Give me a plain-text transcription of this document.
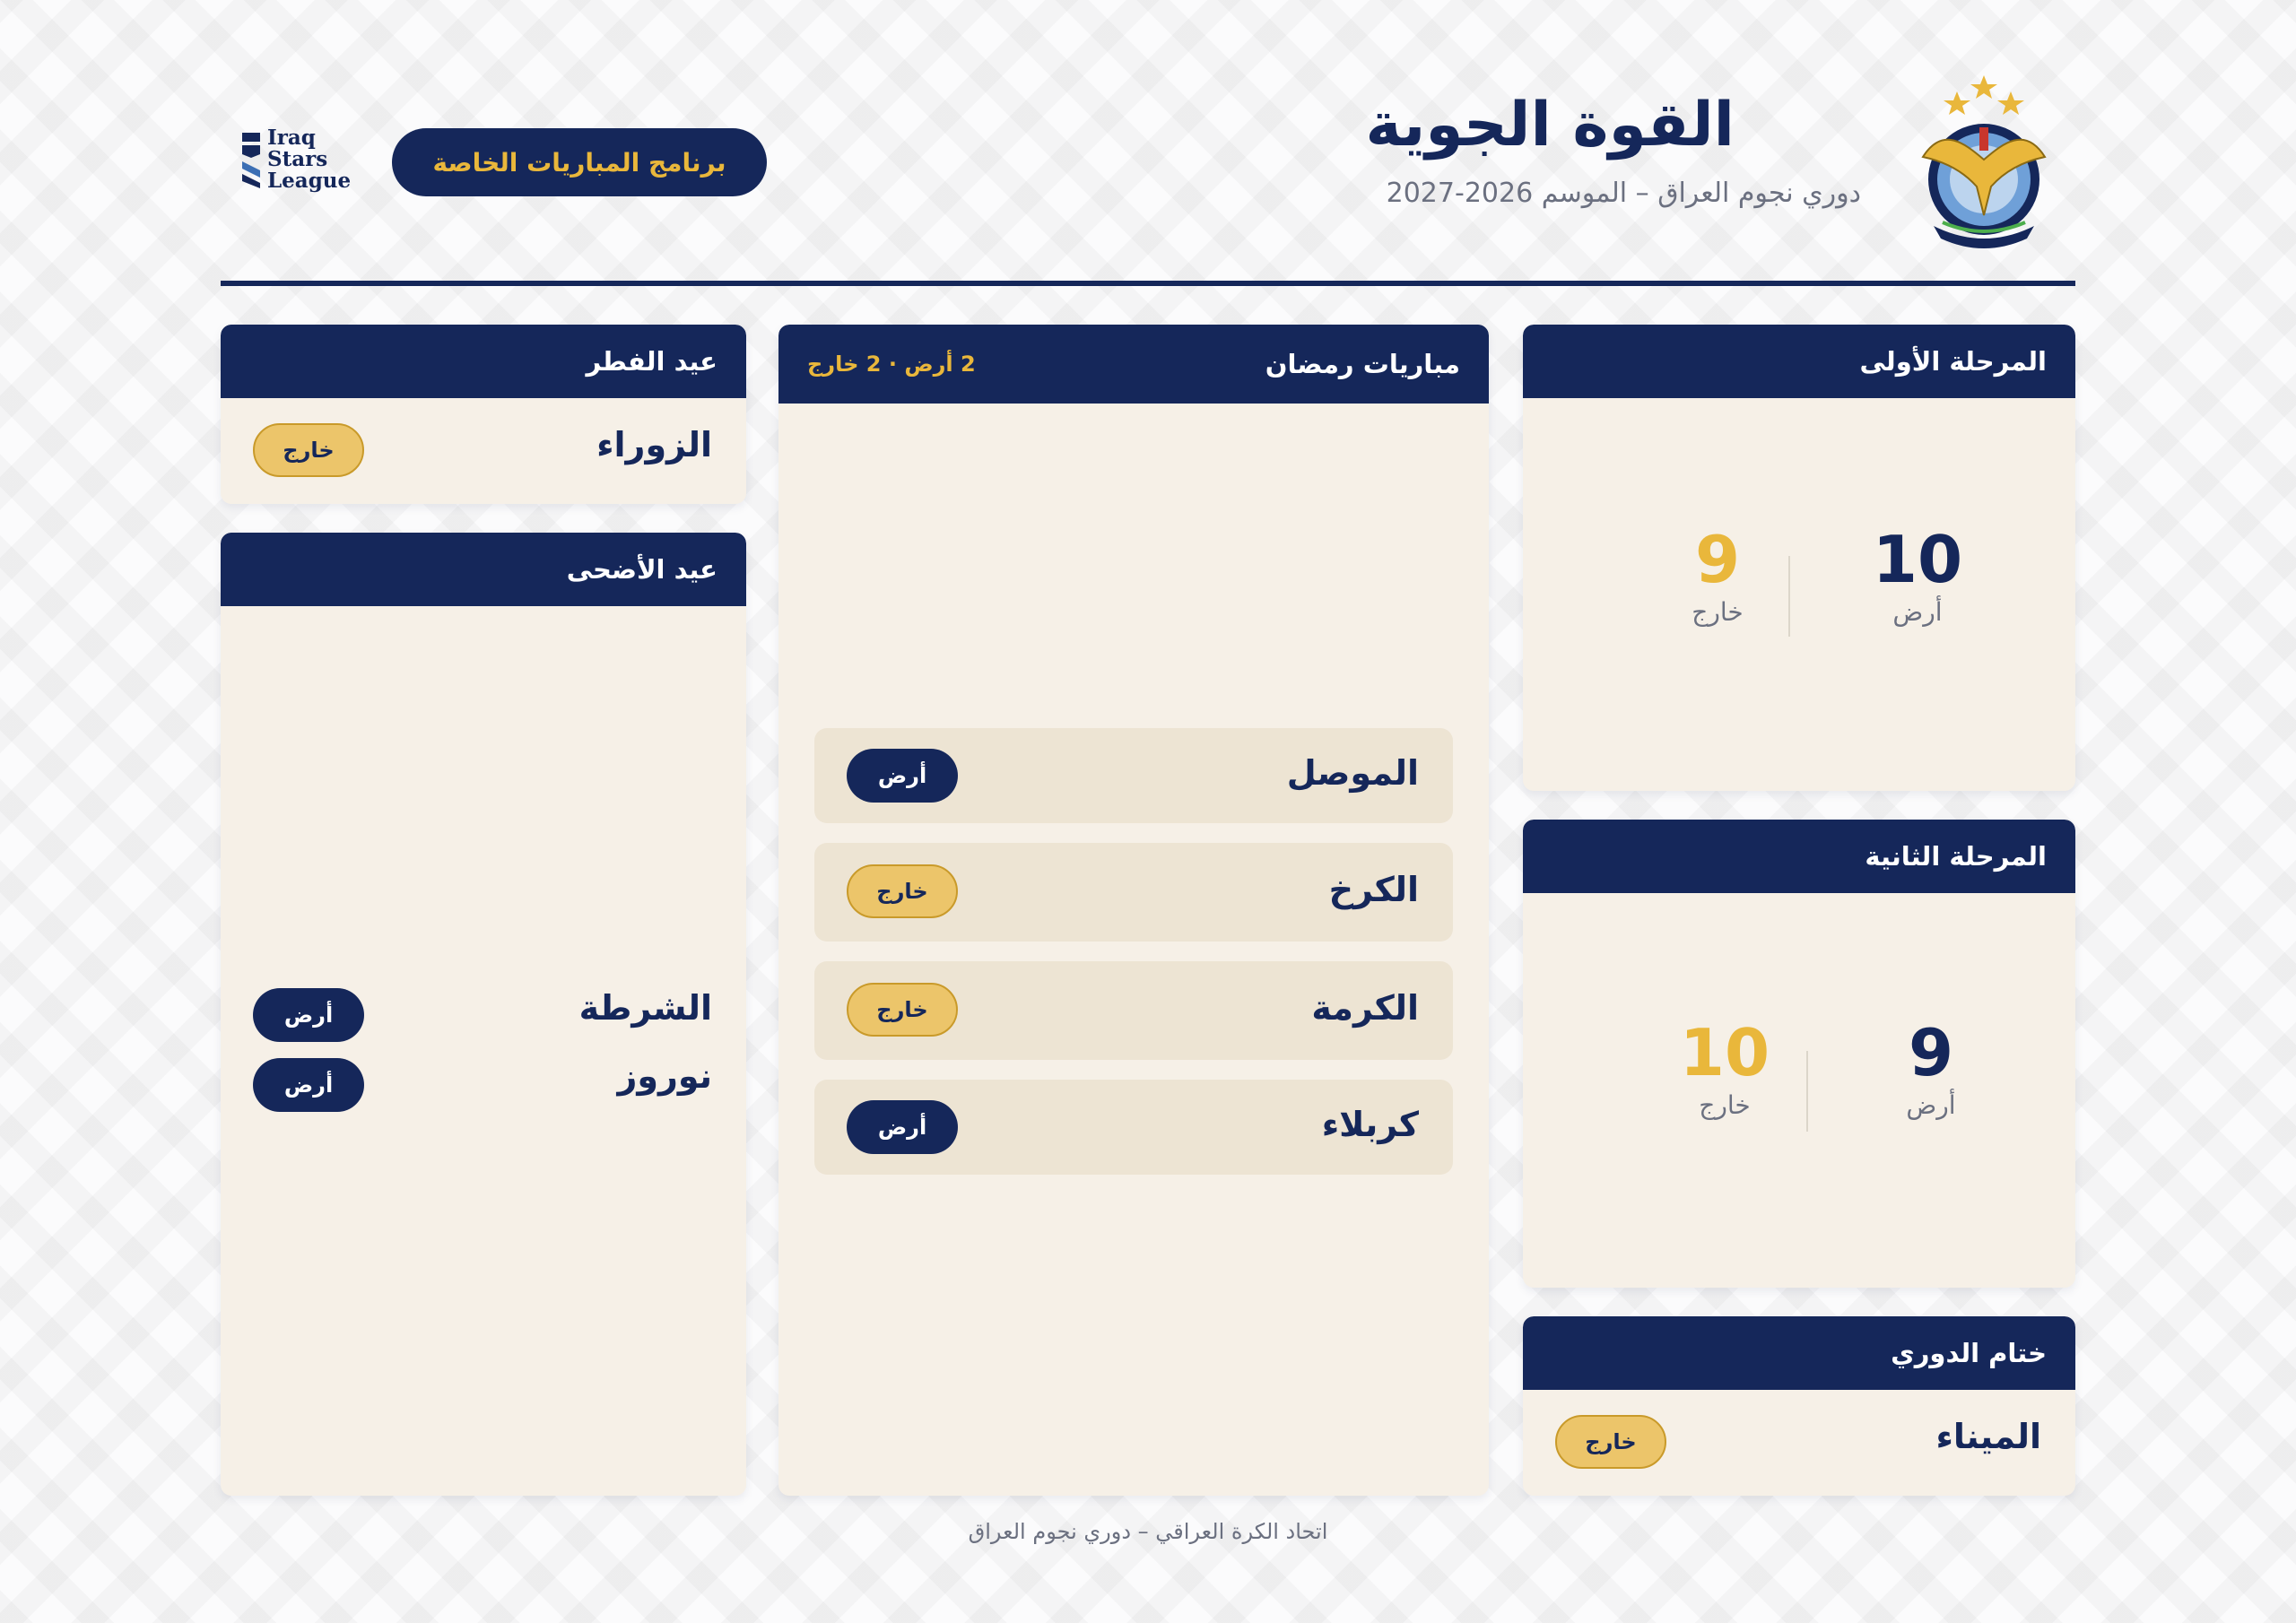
القوة الجوية
دوري نجوم العراق – الموسم 2026-2027
برنامج المباريات الخاصة
Iraq
Stars
League
المرحلة الأولى
10
أرض
9
خارج
المرحلة الثانية
9
أرض
10
خارج
ختام الدوري
الميناء
خارج
مباريات رمضان
2 أرض · 2 خارج
الموصل
أرض
الكرخ
خارج
الكرمة
خارج
كربلاء
أرض
عيد الفطر
الزوراء
خارج
عيد الأضحى
الشرطة
أرض
نوروز
أرض
اتحاد الكرة العراقي – دوري نجوم العراق
